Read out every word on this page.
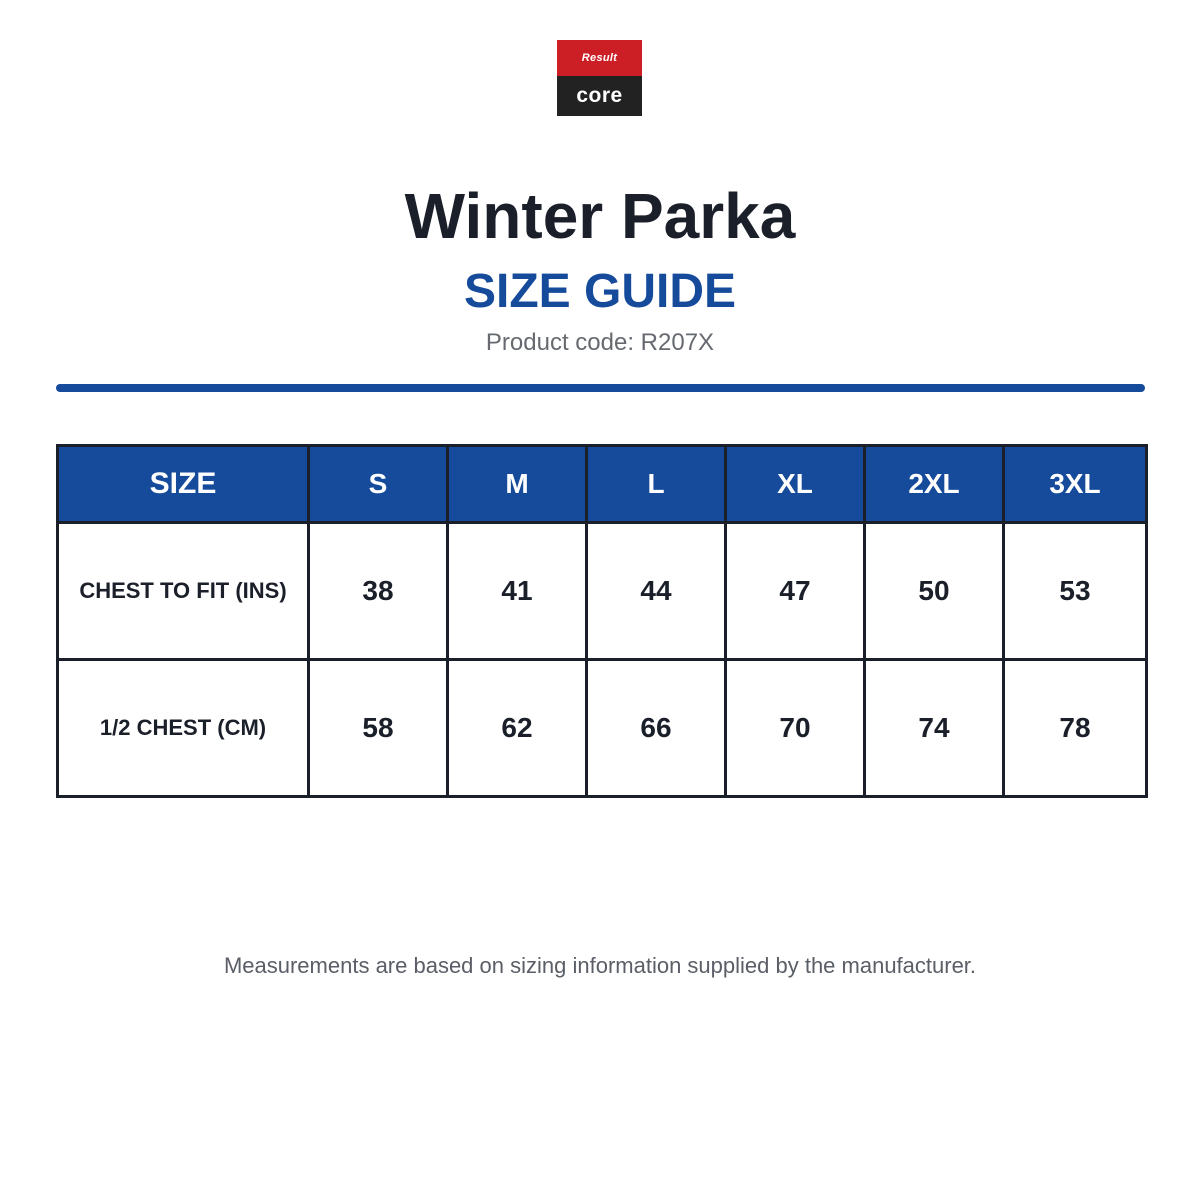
Result
core
Winter Parka
SIZE GUIDE
Product code: R207X
SIZE	S	M	L	XL	2XL	3XL
CHEST TO FIT (INS)	38	41	44	47	50	53
1/2 CHEST (CM)	58	62	66	70	74	78
Measurements are based on sizing information supplied by the manufacturer.
